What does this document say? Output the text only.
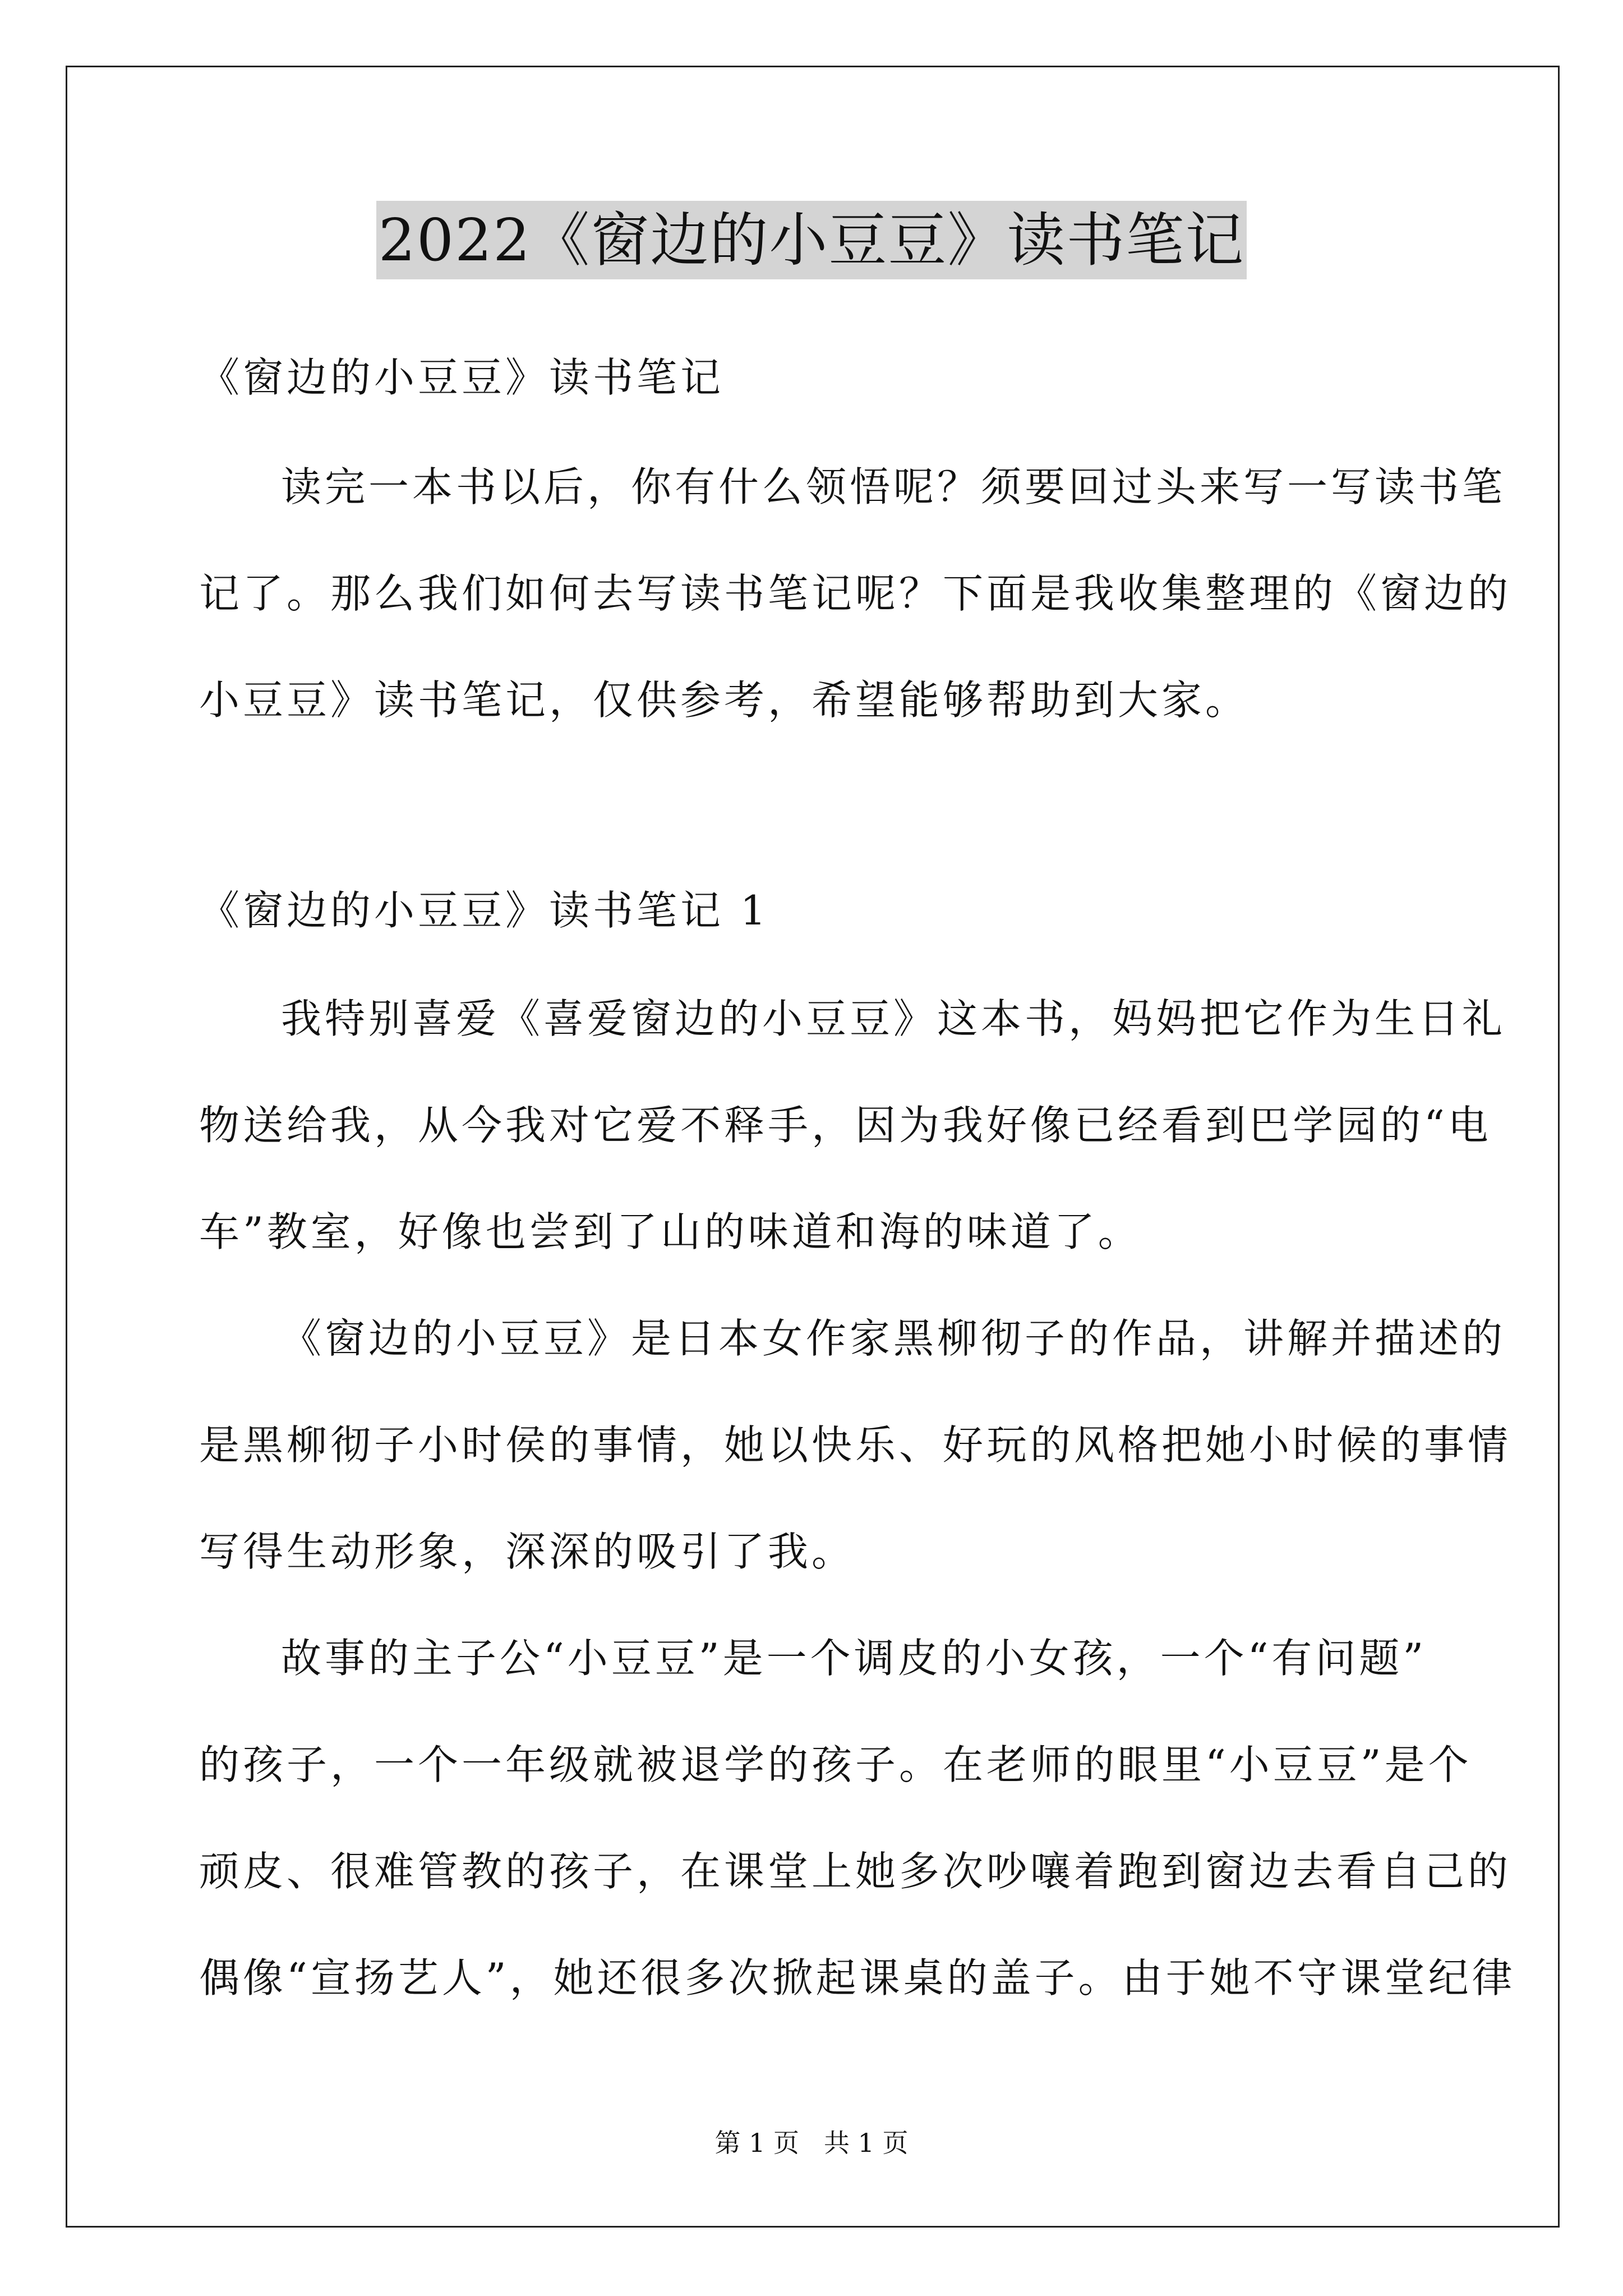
2022《窗边的小豆豆》读书笔记
《窗边的小豆豆》读书笔记
读完一本书以后，你有什么领悟呢？须要回过头来写一写读书笔
记了。那么我们如何去写读书笔记呢？下面是我收集整理的《窗边的
小豆豆》读书笔记，仅供参考，希望能够帮助到大家。
《窗边的小豆豆》读书笔记 1
我特别喜爱《喜爱窗边的小豆豆》这本书，妈妈把它作为生日礼
物送给我，从今我对它爱不释手，因为我好像已经看到巴学园的“电
车”教室，好像也尝到了山的味道和海的味道了。
《窗边的小豆豆》是日本女作家黑柳彻子的作品，讲解并描述的
是黑柳彻子小时侯的事情，她以快乐、好玩的风格把她小时候的事情
写得生动形象，深深的吸引了我。
故事的主子公“小豆豆”是一个调皮的小女孩，一个“有问题”
的孩子，一个一年级就被退学的孩子。在老师的眼里“小豆豆”是个
顽皮、很难管教的孩子，在课堂上她多次吵嚷着跑到窗边去看自己的
偶像“宣扬艺人”，她还很多次掀起课桌的盖子。由于她不守课堂纪律
第 1 页 共 1 页
